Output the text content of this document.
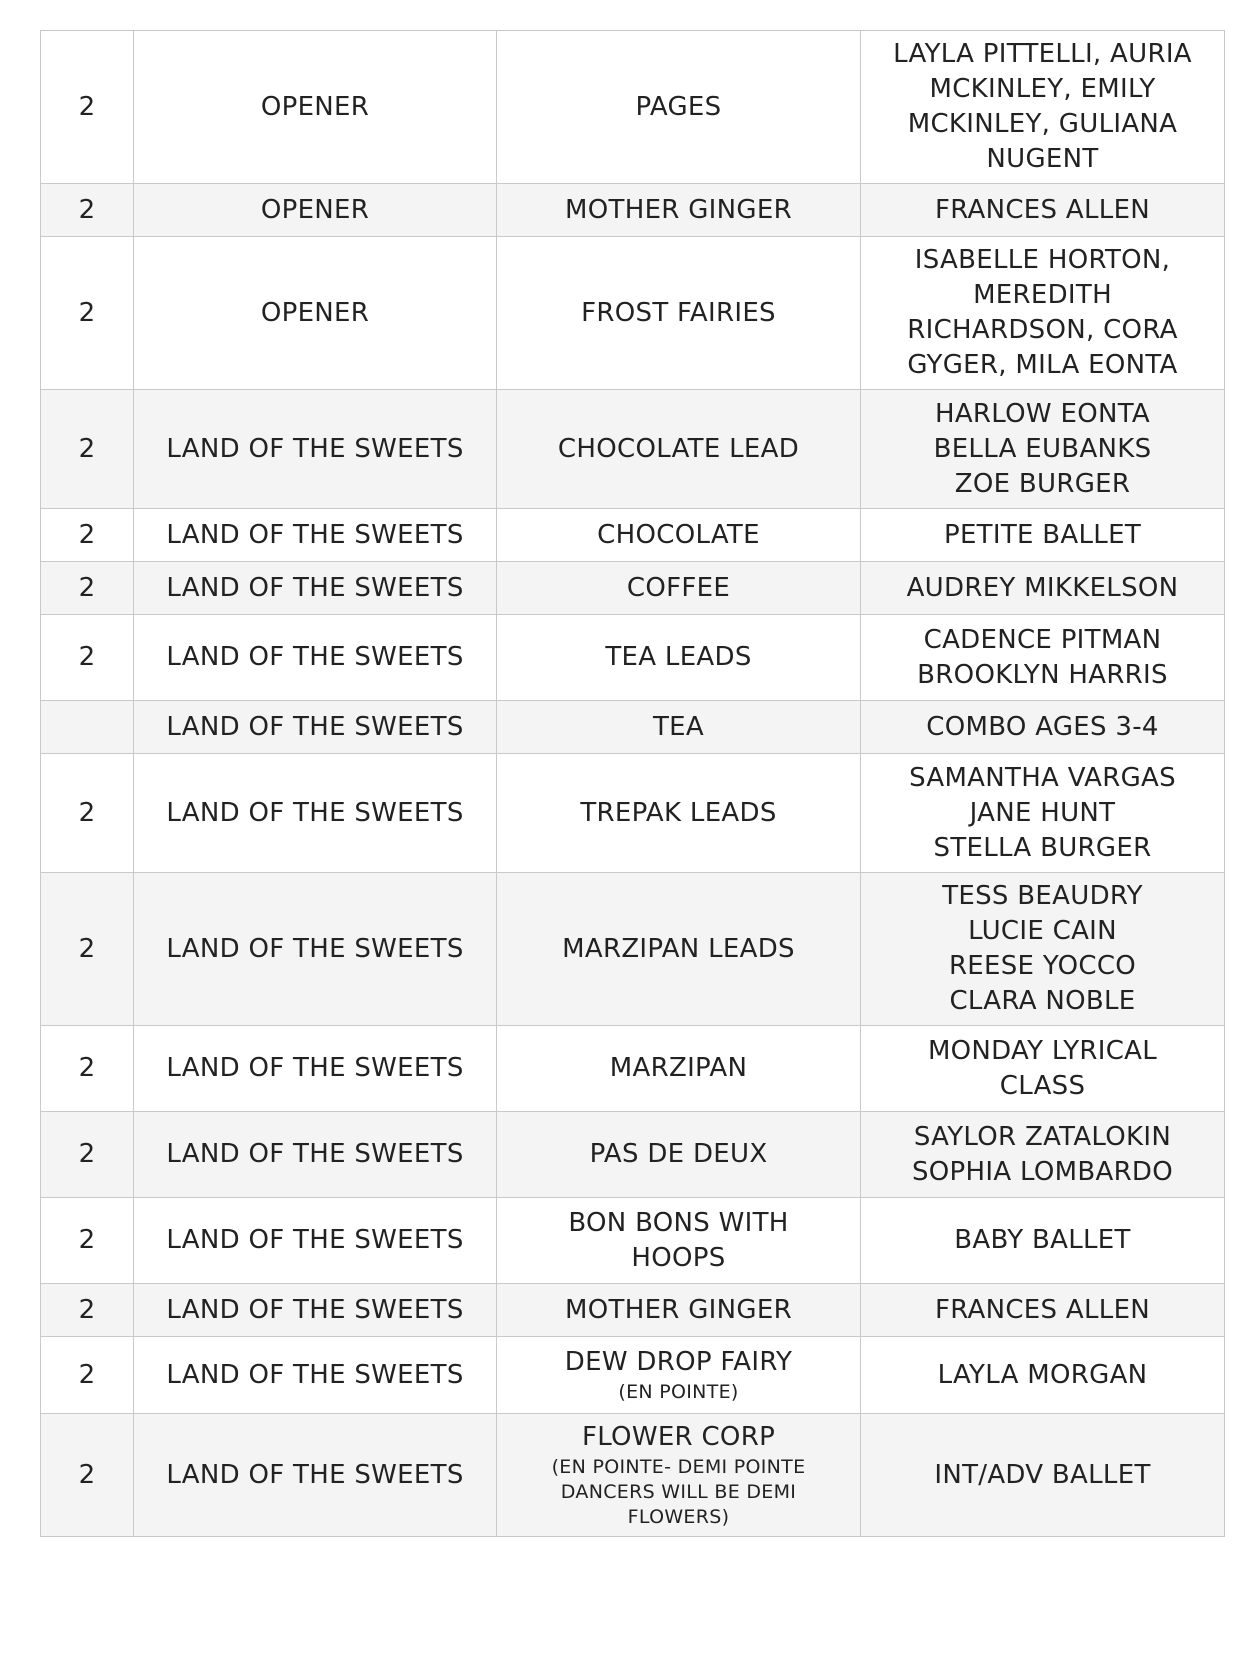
2	OPENER	PAGES	LAYLA PITTELLI, AURIA
MCKINLEY, EMILY
MCKINLEY, GULIANA
NUGENT

2	OPENER	MOTHER GINGER	FRANCES ALLEN

2	OPENER	FROST FAIRIES	ISABELLE HORTON,
MEREDITH
RICHARDSON, CORA
GYGER, MILA EONTA

2	LAND OF THE SWEETS	CHOCOLATE LEAD	HARLOW EONTA
BELLA EUBANKS
ZOE BURGER

2	LAND OF THE SWEETS	CHOCOLATE	PETITE BALLET

2	LAND OF THE SWEETS	COFFEE	AUDREY MIKKELSON

2	LAND OF THE SWEETS	TEA LEADS	CADENCE PITMAN
BROOKLYN HARRIS

	LAND OF THE SWEETS	TEA	COMBO AGES 3-4

2	LAND OF THE SWEETS	TREPAK LEADS	SAMANTHA VARGAS
JANE HUNT
STELLA BURGER

2	LAND OF THE SWEETS	MARZIPAN LEADS	TESS BEAUDRY
LUCIE CAIN
REESE YOCCO
CLARA NOBLE

2	LAND OF THE SWEETS	MARZIPAN	MONDAY LYRICAL
CLASS

2	LAND OF THE SWEETS	PAS DE DEUX	SAYLOR ZATALOKIN
SOPHIA LOMBARDO

2	LAND OF THE SWEETS	BON BONS WITH HOOPS	BABY BALLET

2	LAND OF THE SWEETS	MOTHER GINGER	FRANCES ALLEN

2	LAND OF THE SWEETS	DEW DROP FAIRY
(EN POINTE)	LAYLA MORGAN

2	LAND OF THE SWEETS	FLOWER CORP
(EN POINTE- DEMI POINTE DANCERS WILL BE DEMI FLOWERS)	INT/ADV BALLET
